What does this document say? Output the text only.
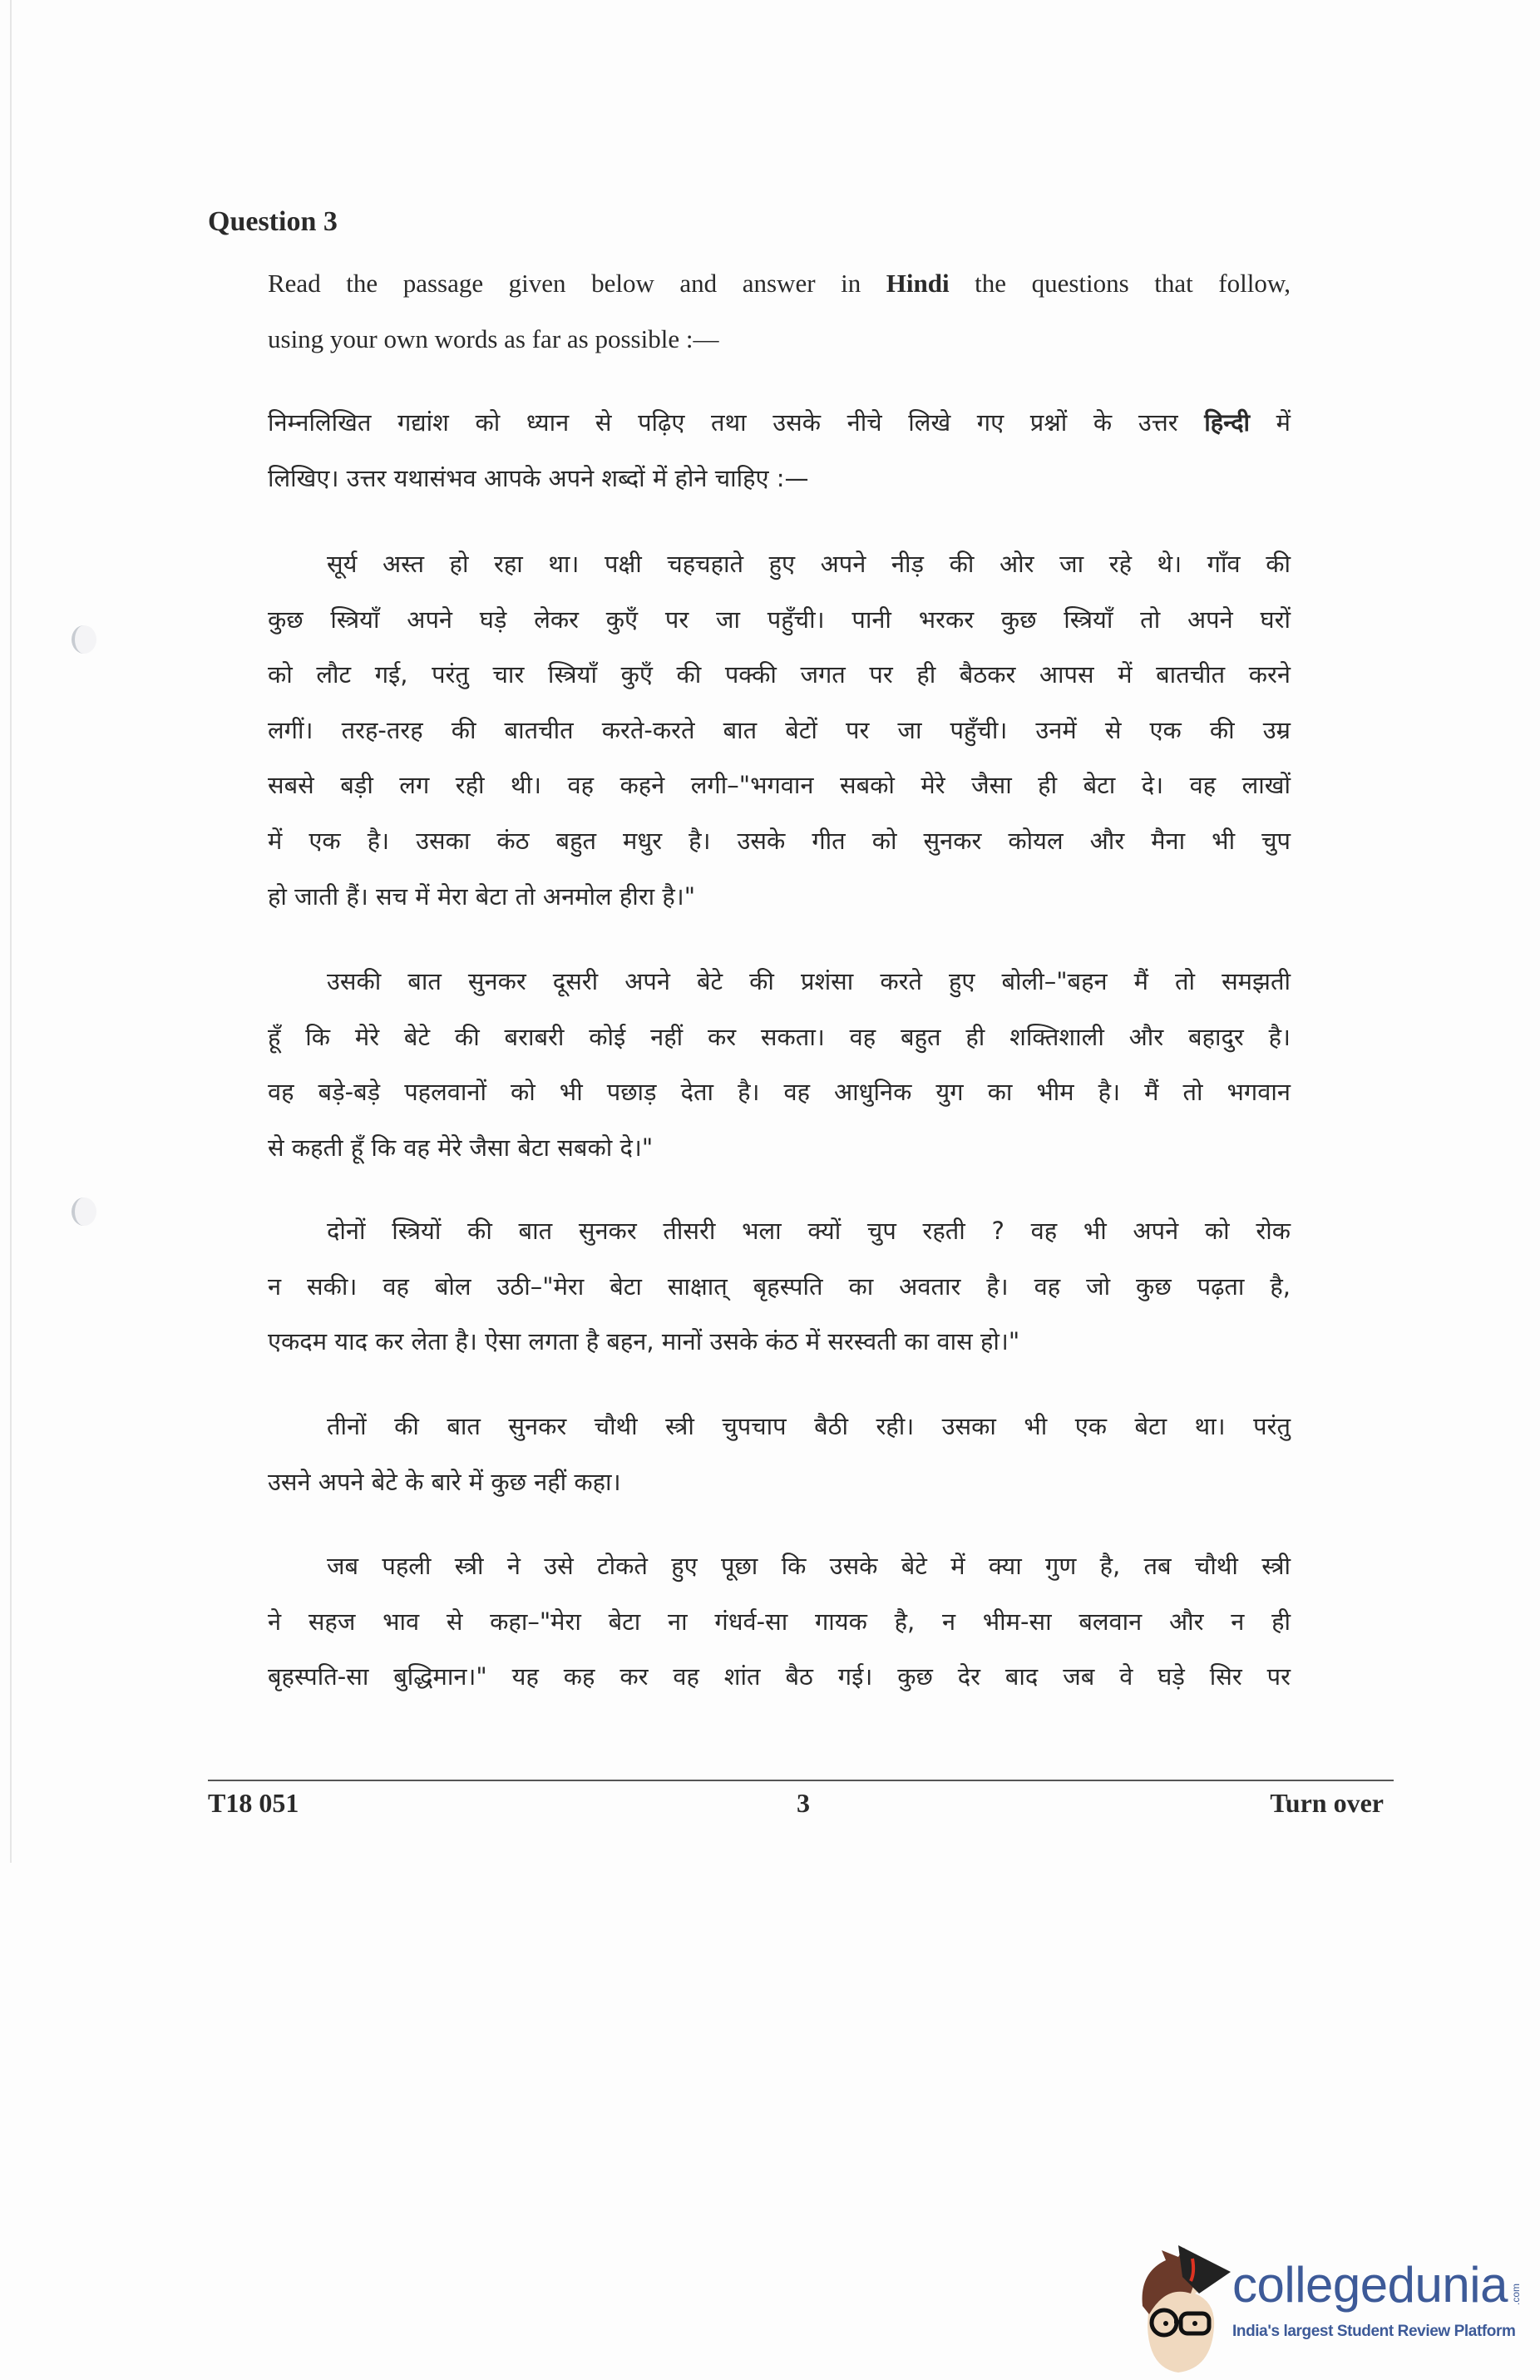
Question 3
Read the passage given below and answer in Hindi the questions that follow,
using your own words as far as possible :—
निम्नलिखित गद्यांश को ध्यान से पढ़िए तथा उसके नीचे लिखे गए प्रश्नों के उत्तर हिन्दी में
लिखिए। उत्तर यथासंभव आपके अपने शब्दों में होने चाहिए :—
सूर्य अस्त हो रहा था। पक्षी चहचहाते हुए अपने नीड़ की ओर जा रहे थे। गाँव की
कुछ स्त्रियाँ अपने घड़े लेकर कुएँ पर जा पहुँची। पानी भरकर कुछ स्त्रियाँ तो अपने घरों
को लौट गई, परंतु चार स्त्रियाँ कुएँ की पक्की जगत पर ही बैठकर आपस में बातचीत करने
लगीं। तरह-तरह की बातचीत करते-करते बात बेटों पर जा पहुँची। उनमें से एक की उम्र
सबसे बड़ी लग रही थी। वह कहने लगी–"भगवान सबको मेरे जैसा ही बेटा दे। वह लाखों
में एक है। उसका कंठ बहुत मधुर है। उसके गीत को सुनकर कोयल और मैना भी चुप
हो जाती हैं। सच में मेरा बेटा तो अनमोल हीरा है।"
उसकी बात सुनकर दूसरी अपने बेटे की प्रशंसा करते हुए बोली–"बहन मैं तो समझती
हूँ कि मेरे बेटे की बराबरी कोई नहीं कर सकता। वह बहुत ही शक्तिशाली और बहादुर है।
वह बड़े-बड़े पहलवानों को भी पछाड़ देता है। वह आधुनिक युग का भीम है। मैं तो भगवान
से कहती हूँ कि वह मेरे जैसा बेटा सबको दे।"
दोनों स्त्रियों की बात सुनकर तीसरी भला क्यों चुप रहती ? वह भी अपने को रोक
न सकी। वह बोल उठी–"मेरा बेटा साक्षात् बृहस्पति का अवतार है। वह जो कुछ पढ़ता है,
एकदम याद कर लेता है। ऐसा लगता है बहन, मानों उसके कंठ में सरस्वती का वास हो।"
तीनों की बात सुनकर चौथी स्त्री चुपचाप बैठी रही। उसका भी एक बेटा था। परंतु
उसने अपने बेटे के बारे में कुछ नहीं कहा।
जब पहली स्त्री ने उसे टोकते हुए पूछा कि उसके बेटे में क्या गुण है, तब चौथी स्त्री
ने सहज भाव से कहा–"मेरा बेटा ना गंधर्व-सा गायक है, न भीम-सा बलवान और न ही
बृहस्पति-सा बुद्धिमान।" यह कह कर वह शांत बैठ गई। कुछ देर बाद जब वे घड़े सिर पर
T18 051	3	Turn over
collegedunia .com
India's largest Student Review Platform
